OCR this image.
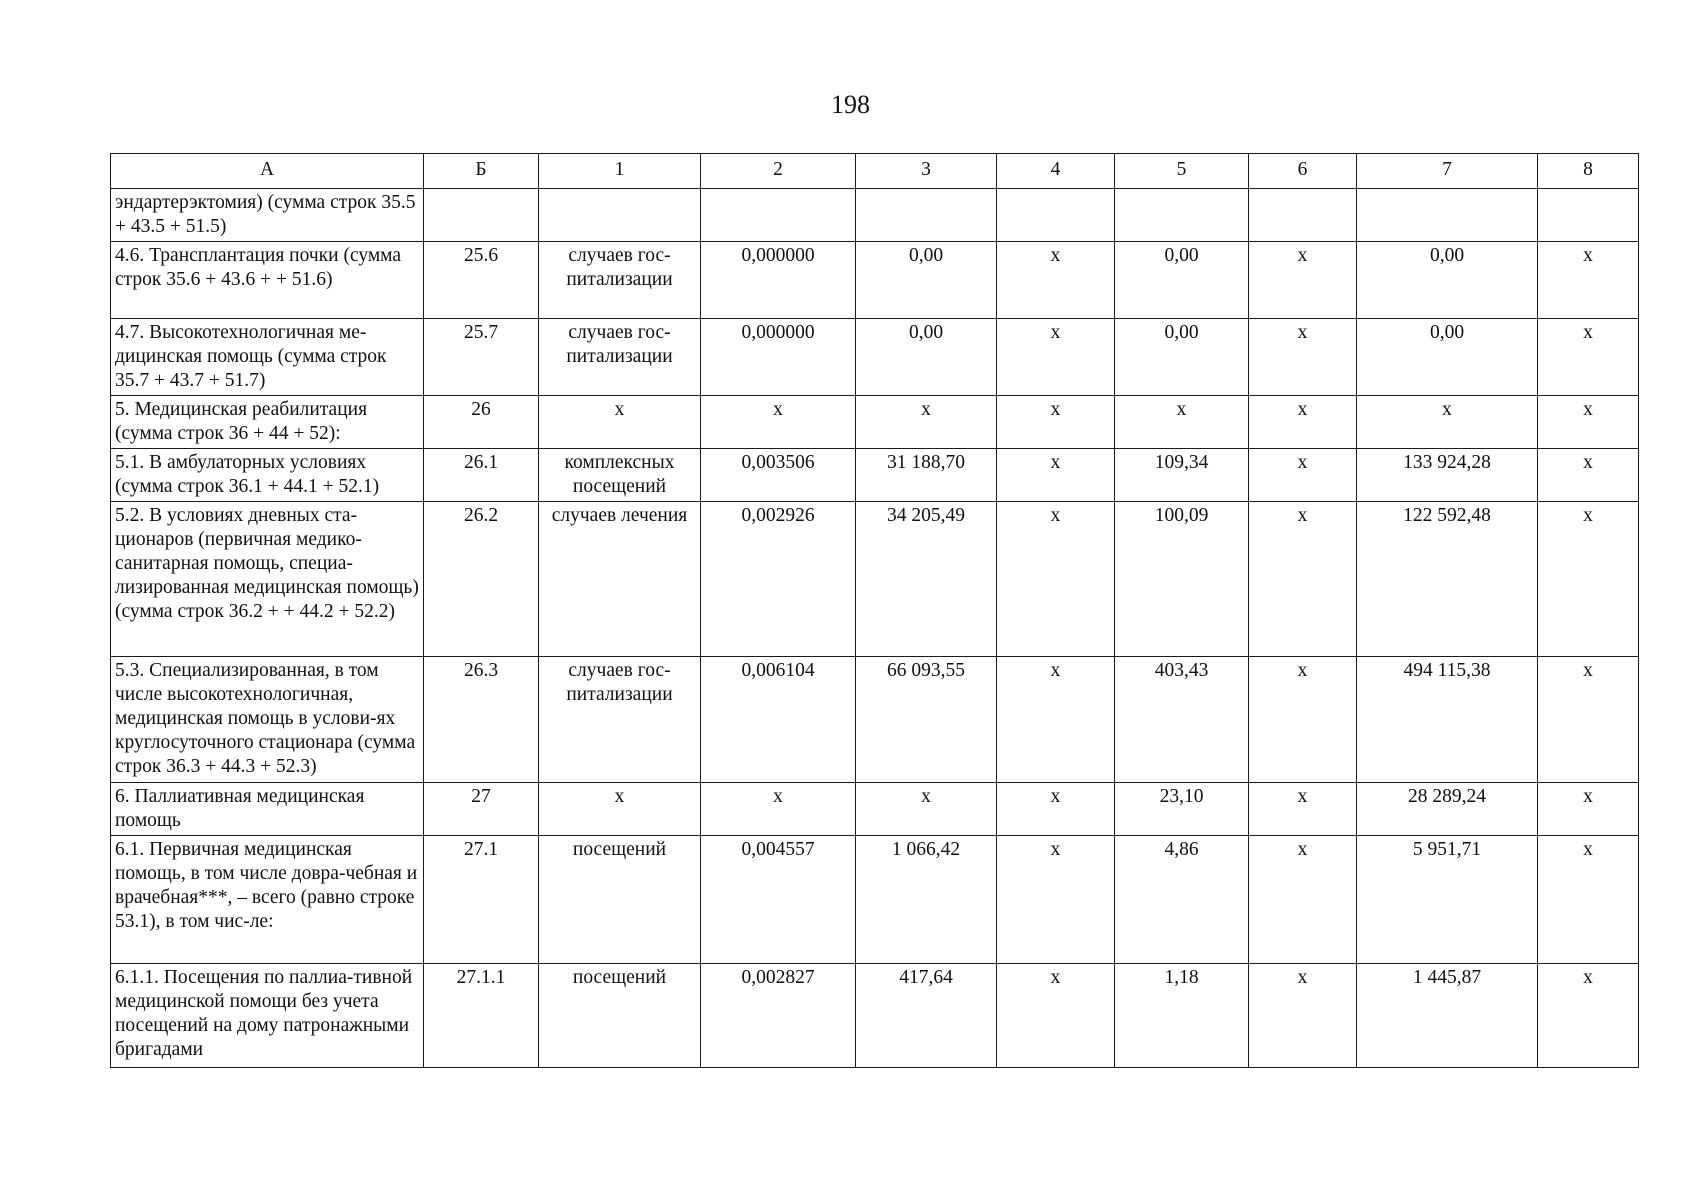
198
А	Б	1	2	3	4	5	6	7	8
эндартерэктомия) (сумма строк 35.5 + 43.5 + 51.5)									
4.6. Трансплантация почки (сумма строк 35.6 + 43.6 + + 51.6)	25.6	случаев гос-питализации	0,000000	0,00	х	0,00	х	0,00	х
4.7. Высокотехнологичная ме-дицинская помощь (сумма строк 35.7 + 43.7 + 51.7)	25.7	случаев гос-питализации	0,000000	0,00	х	0,00	х	0,00	х
5. Медицинская реабилитация (сумма строк 36 + 44 + 52):	26	х	х	х	х	х	х	х	х
5.1. В амбулаторных условиях (сумма строк 36.1 + 44.1 + 52.1)	26.1	комплексных посещений	0,003506	31 188,70	х	109,34	х	133 924,28	х
5.2. В условиях дневных ста-ционаров (первичная медико-санитарная помощь, специа-лизированная медицинская помощь) (сумма строк 36.2 + + 44.2 + 52.2)	26.2	случаев лечения	0,002926	34 205,49	х	100,09	х	122 592,48	х
5.3. Специализированная, в том числе высокотехнологичная, медицинская помощь в услови-ях круглосуточного стационара (сумма строк 36.3 + 44.3 + 52.3)	26.3	случаев гос-питализации	0,006104	66 093,55	х	403,43	х	494 115,38	х
6. Паллиативная медицинская помощь	27	х	х	х	х	23,10	х	28 289,24	х
6.1. Первичная медицинская помощь, в том числе довра-чебная и врачебная***, – всего (равно строке 53.1), в том чис-ле:	27.1	посещений	0,004557	1 066,42	х	4,86	х	5 951,71	х
6.1.1. Посещения по паллиа-тивной медицинской помощи без учета посещений на дому патронажными бригадами	27.1.1	посещений	0,002827	417,64	х	1,18	х	1 445,87	х
